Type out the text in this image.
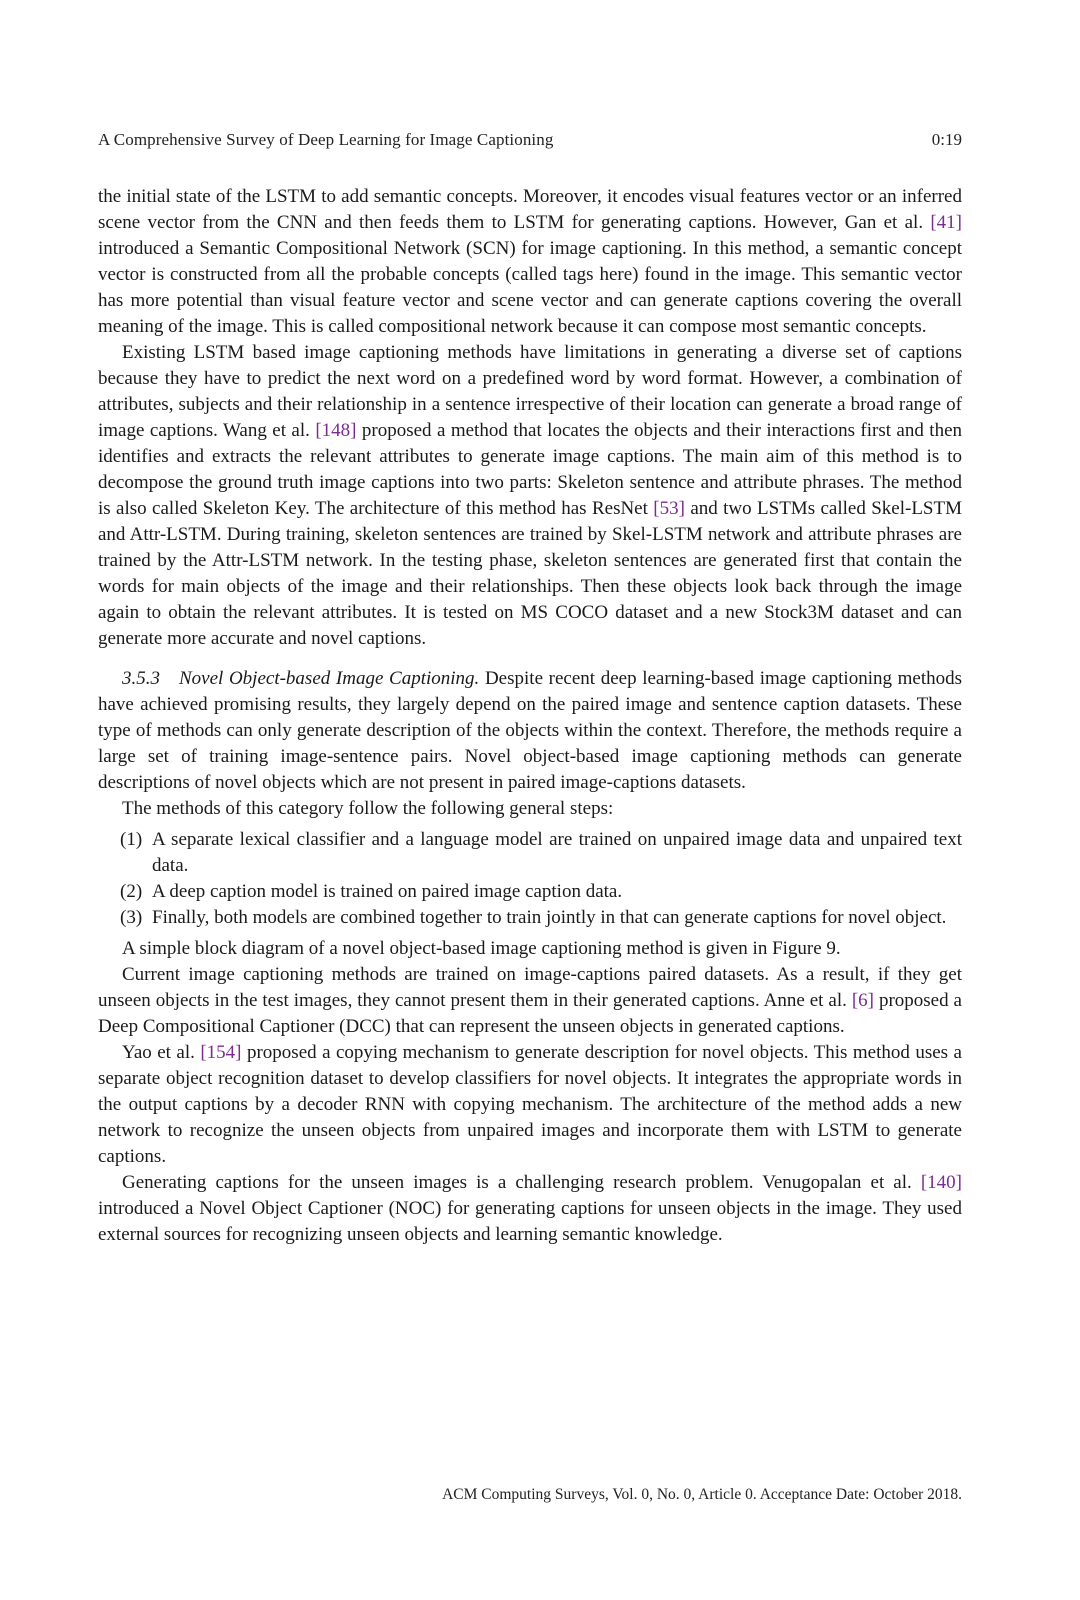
A Comprehensive Survey of Deep Learning for Image Captioning	0:19

the initial state of the LSTM to add semantic concepts. Moreover, it encodes visual features vector or an inferred scene vector from the CNN and then feeds them to LSTM for generating captions. However, Gan et al. [41] introduced a Semantic Compositional Network (SCN) for image captioning. In this method, a semantic concept vector is constructed from all the probable concepts (called tags here) found in the image. This semantic vector has more potential than visual feature vector and scene vector and can generate captions covering the overall meaning of the image. This is called compositional network because it can compose most semantic concepts.

Existing LSTM based image captioning methods have limitations in generating a diverse set of captions because they have to predict the next word on a predefined word by word format. However, a combination of attributes, subjects and their relationship in a sentence irrespective of their location can generate a broad range of image captions. Wang et al. [148] proposed a method that locates the objects and their interactions first and then identifies and extracts the relevant attributes to generate image captions. The main aim of this method is to decompose the ground truth image captions into two parts: Skeleton sentence and attribute phrases. The method is also called Skeleton Key. The architecture of this method has ResNet [53] and two LSTMs called Skel-LSTM and Attr-LSTM. During training, skeleton sentences are trained by Skel-LSTM network and attribute phrases are trained by the Attr-LSTM network. In the testing phase, skeleton sentences are generated first that contain the words for main objects of the image and their relationships. Then these objects look back through the image again to obtain the relevant attributes. It is tested on MS COCO dataset and a new Stock3M dataset and can generate more accurate and novel captions.

3.5.3 Novel Object-based Image Captioning. Despite recent deep learning-based image captioning methods have achieved promising results, they largely depend on the paired image and sentence caption datasets. These type of methods can only generate description of the objects within the context. Therefore, the methods require a large set of training image-sentence pairs. Novel object-based image captioning methods can generate descriptions of novel objects which are not present in paired image-captions datasets.

The methods of this category follow the following general steps:

(1) A separate lexical classifier and a language model are trained on unpaired image data and unpaired text data.
(2) A deep caption model is trained on paired image caption data.
(3) Finally, both models are combined together to train jointly in that can generate captions for novel object.

A simple block diagram of a novel object-based image captioning method is given in Figure 9.

Current image captioning methods are trained on image-captions paired datasets. As a result, if they get unseen objects in the test images, they cannot present them in their generated captions. Anne et al. [6] proposed a Deep Compositional Captioner (DCC) that can represent the unseen objects in generated captions.

Yao et al. [154] proposed a copying mechanism to generate description for novel objects. This method uses a separate object recognition dataset to develop classifiers for novel objects. It integrates the appropriate words in the output captions by a decoder RNN with copying mechanism. The architecture of the method adds a new network to recognize the unseen objects from unpaired images and incorporate them with LSTM to generate captions.

Generating captions for the unseen images is a challenging research problem. Venugopalan et al. [140] introduced a Novel Object Captioner (NOC) for generating captions for unseen objects in the image. They used external sources for recognizing unseen objects and learning semantic knowledge.

ACM Computing Surveys, Vol. 0, No. 0, Article 0. Acceptance Date: October 2018.
